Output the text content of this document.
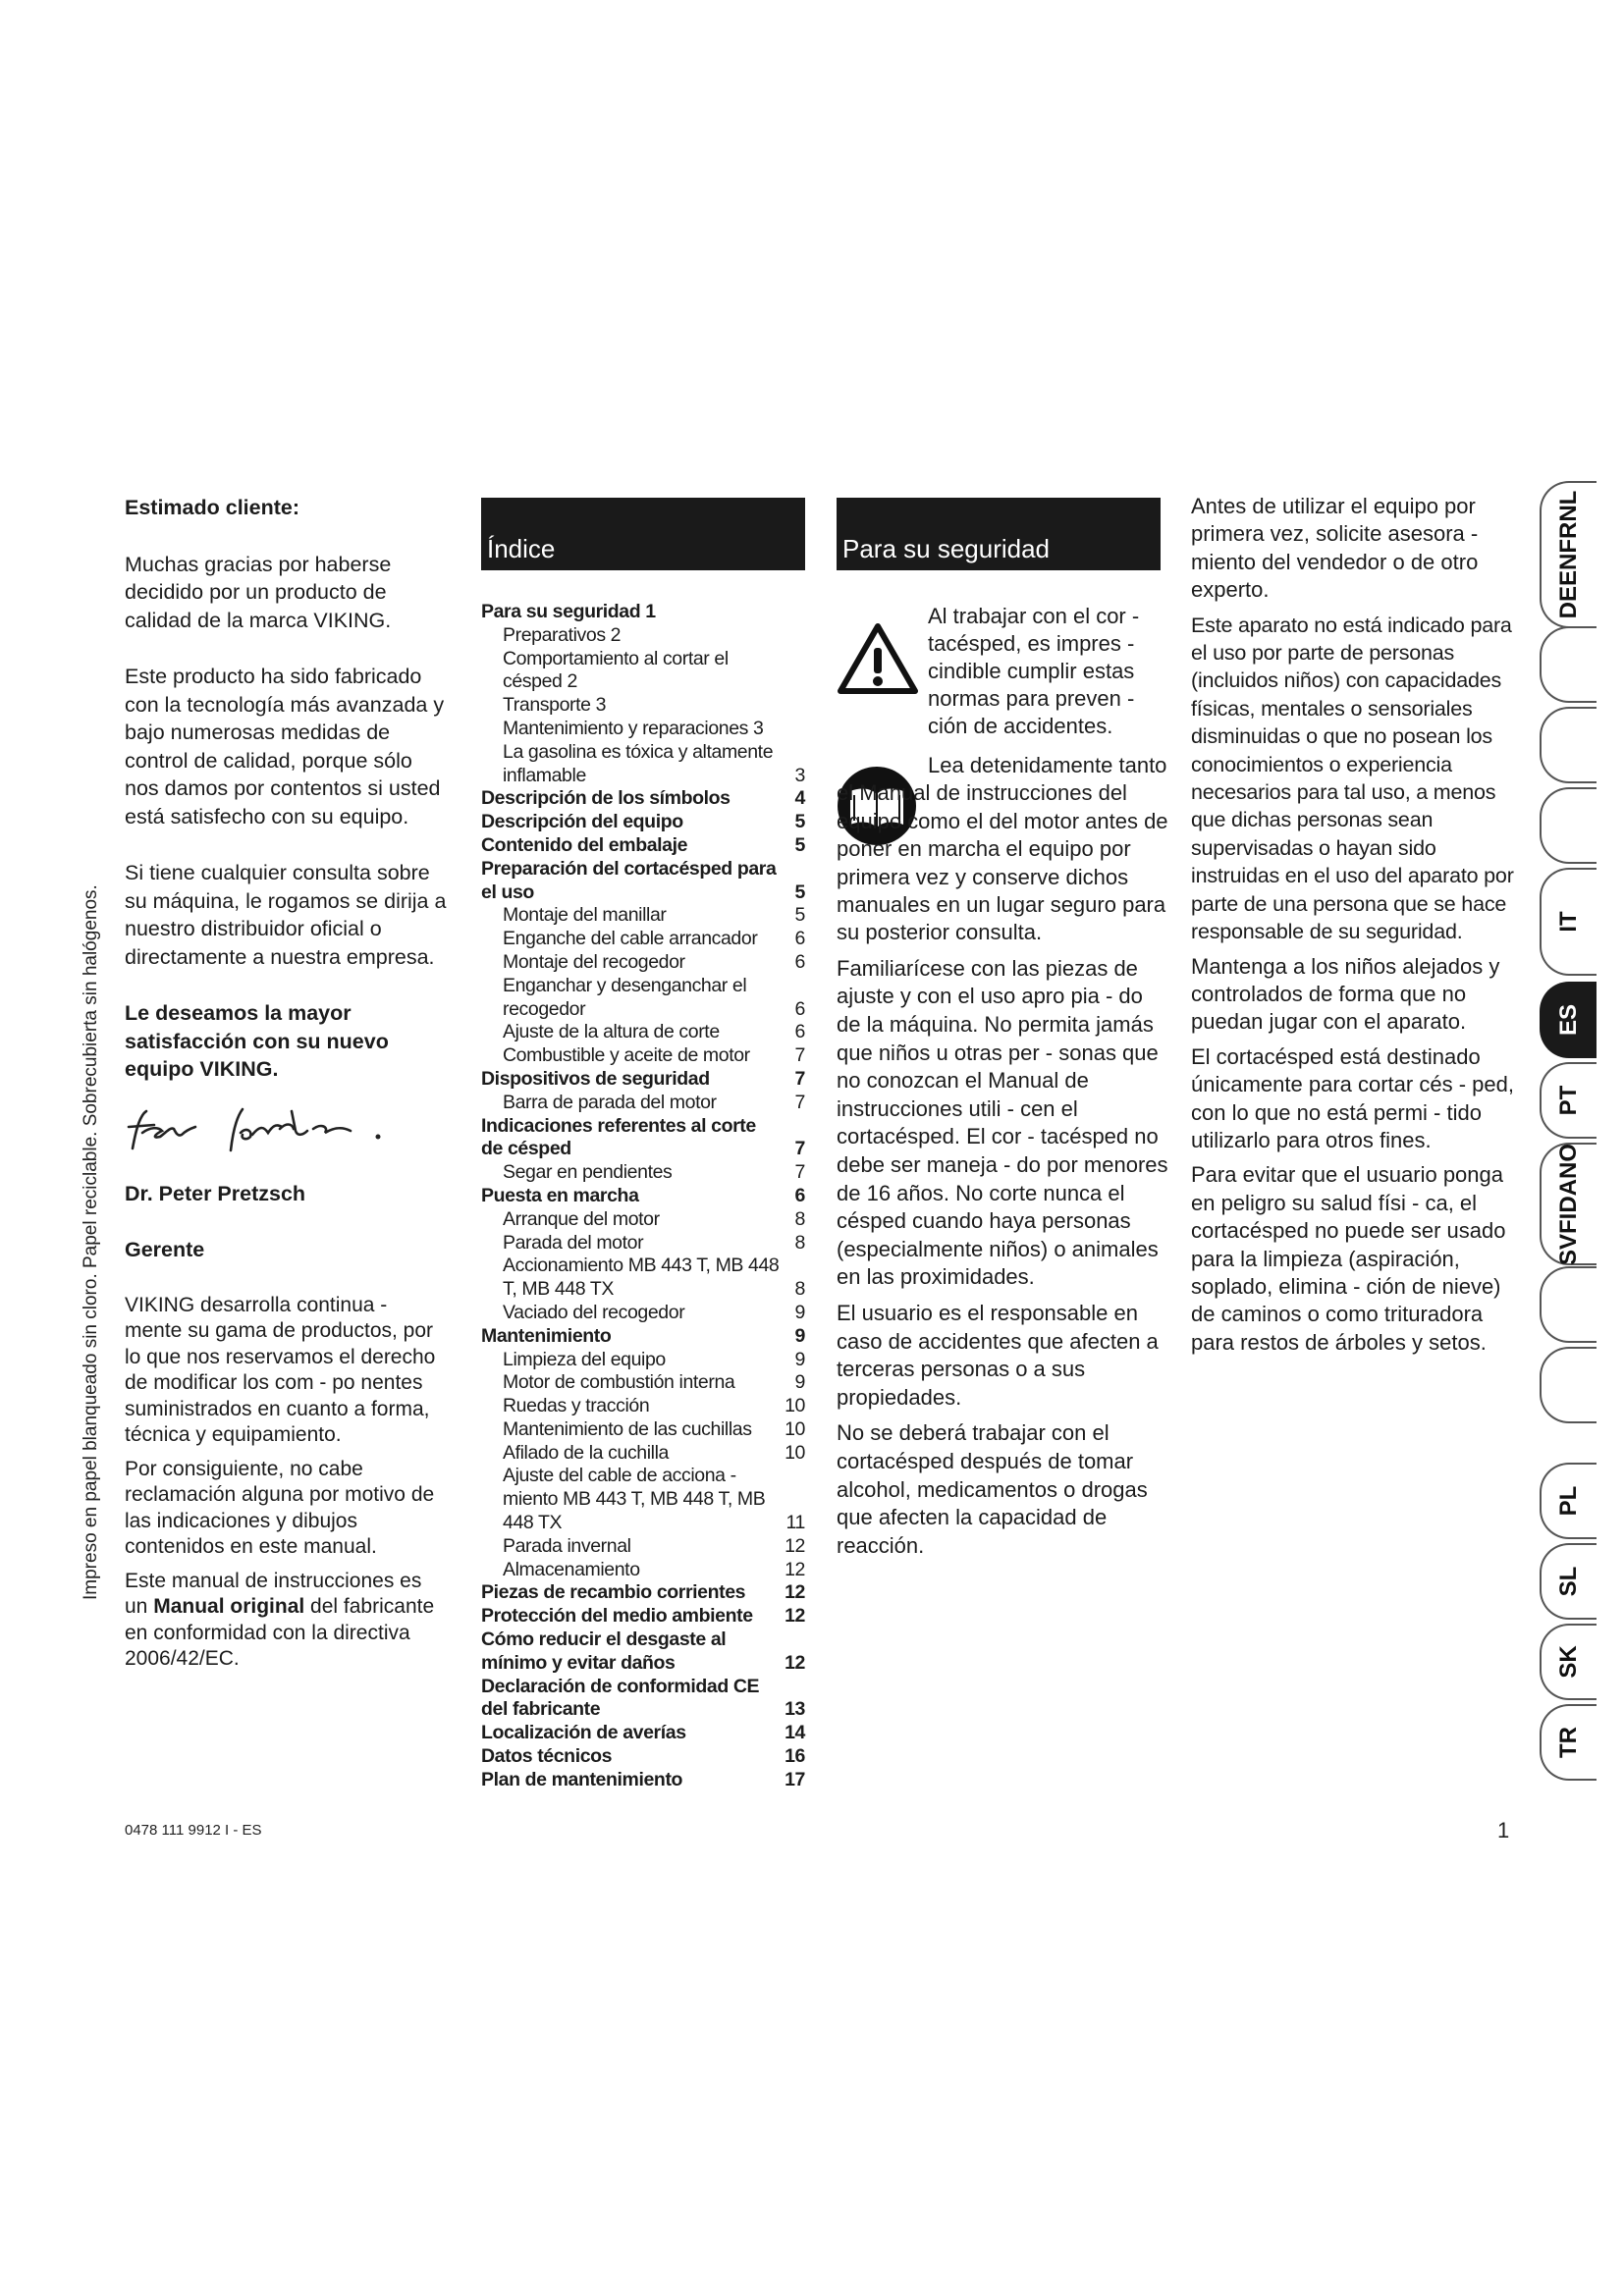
Impreso en papel blanqueado sin cloro. Papel reciclable. Sobrecubierta sin halógenos.

Estimado cliente:

Muchas gracias por haberse decidido por un producto de calidad de la marca VIKING.

Este producto ha sido fabricado con la tecnología más avanzada y bajo numerosas medidas de control de calidad, porque sólo nos damos por contentos si usted está satisfecho con su equipo.

Si tiene cualquier consulta sobre su máquina, le rogamos se dirija a nuestro distribuidor oficial o directamente a nuestra empresa.

Le deseamos la mayor satisfacción con su nuevo equipo VIKING.

Dr. Peter Pretzsch

Gerente

VIKING desarrolla continua - mente su gama de productos, por lo que nos reservamos el derecho de modificar los com - po nentes suministrados en cuanto a forma, técnica y equipamiento.

Por consiguiente, no cabe reclamación alguna por motivo de las indicaciones y dibujos contenidos en este manual.

Este manual de instrucciones es un Manual original del fabricante en conformidad con la directiva 2006/42/EC.

Índice
Para su seguridad 1
Preparativos 2
Comportamiento al cortar el césped 2
Transporte 3
Mantenimiento y reparaciones 3
La gasolina es tóxica y altamente inflamable	3
Descripción de los símbolos	4
Descripción del equipo	5
Contenido del embalaje	5
Preparación del cortacésped para el uso	5
Montaje del manillar	5
Enganche del cable arrancador	6
Montaje del recogedor	6
Enganchar y desenganchar el recogedor	6
Ajuste de la altura de corte	6
Combustible y aceite de motor	7
Dispositivos de seguridad	7
Barra de parada del motor	7
Indicaciones referentes al corte de césped	7
Segar en pendientes	7
Puesta en marcha	6
Arranque del motor	8
Parada del motor	8
Accionamiento MB 443 T, MB 448 T, MB 448 TX	8
Vaciado del recogedor	9
Mantenimiento	9
Limpieza del equipo	9
Motor de combustión interna	9
Ruedas y tracción	10
Mantenimiento de las cuchillas	10
Afilado de la cuchilla	10
Ajuste del cable de acciona - miento MB 443 T, MB 448 T, MB 448 TX	11
Parada invernal	12
Almacenamiento	12
Piezas de recambio corrientes	12
Protección del medio ambiente	12
Cómo reducir el desgaste al mínimo y evitar daños	12
Declaración de conformidad CE del fabricante	13
Localización de averías	14
Datos técnicos	16
Plan de mantenimiento	17
Para su seguridad

Al trabajar con el cor - tacésped, es impres - cindible cumplir estas normas para preven - ción de accidentes.

Lea detenidamente tanto el Manual de instrucciones del equipo como el del motor antes de poner en marcha el equipo por primera vez y conserve dichos manuales en un lugar seguro para su posterior consulta.

Familiarícese con las piezas de ajuste y con el uso apro pia - do de la máquina. No permita jamás que niños u otras per - sonas que no conozcan el Manual de instrucciones utili - cen el cortacésped. El cor - tacésped no debe ser maneja - do por menores de 16 años. No corte nunca el césped cuando haya personas (especialmente niños) o animales en las proximidades.

El usuario es el responsable en caso de accidentes que afecten a terceras personas o a sus propiedades.

No se deberá trabajar con el cortacésped después de tomar alcohol, medicamentos o drogas que afecten la capacidad de reacción.

Antes de utilizar el equipo por primera vez, solicite asesora - miento del vendedor o de otro experto.

Este aparato no está indicado para el uso por parte de personas (incluidos niños) con capacidades físicas, mentales o sensoriales disminuidas o que no posean los conocimientos o experiencia necesarios para tal uso, a menos que dichas personas sean supervisadas o hayan sido instruidas en el uso del aparato por parte de una persona que se hace responsable de su seguridad.

Mantenga a los niños alejados y controlados de forma que no puedan jugar con el aparato.

El cortacésped está destinado únicamente para cortar cés - ped, con lo que no está permi - tido utilizarlo para otros fines.

Para evitar que el usuario ponga en peligro su salud físi - ca, el cortacésped no puede ser usado para la limpieza (aspiración, soplado, elimina - ción de nieve) de caminos o como trituradora para restos de árboles y setos.

DEENFRNL
IT
ES
PT
SVFIDANO
PL
SL
SK
TR
0478 111 9912 I - ES	1
